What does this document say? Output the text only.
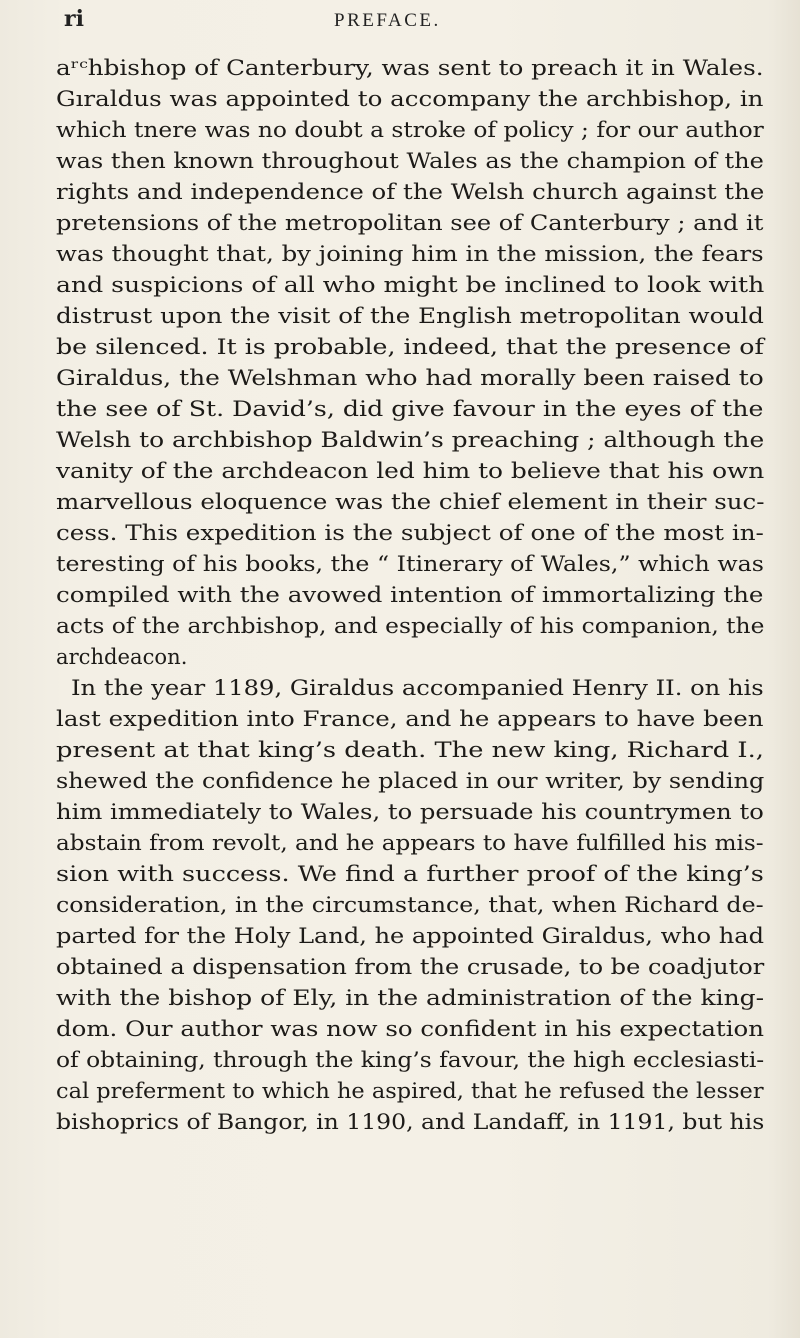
ri	PREFACE.
aʳᶜhbishop of Canterbury, was sent to preach it in Wales.
Gıraldus was appointed to accompany the archbishop, in
which tnere was no doubt a stroke of policy ; for our author
was then known throughout Wales as the champion of the
rights and independence of the Welsh church against the
pretensions of the metropolitan see of Canterbury ; and it
was thought that, by joining him in the mission, the fears
and suspicions of all who might be inclined to look with
distrust upon the visit of the English metropolitan would
be silenced. It is probable, indeed, that the presence of
Giraldus, the Welshman who had morally been raised to
the see of St. David’s, did give favour in the eyes of the
Welsh to archbishop Baldwin’s preaching ; although the
vanity of the archdeacon led him to believe that his own
marvellous eloquence was the chief element in their suc-
cess. This expedition is the subject of one of the most in-
teresting of his books, the “ Itinerary of Wales,” which was
compiled with the avowed intention of immortalizing the
acts of the archbishop, and especially of his companion, the
archdeacon.
In the year 1189, Giraldus accompanied Henry II. on his
last expedition into France, and he appears to have been
present at that king’s death. The new king, Richard I.,
shewed the confidence he placed in our writer, by sending
him immediately to Wales, to persuade his countrymen to
abstain from revolt, and he appears to have fulfilled his mis-
sion with success. We find a further proof of the king’s
consideration, in the circumstance, that, when Richard de-
parted for the Holy Land, he appointed Giraldus, who had
obtained a dispensation from the crusade, to be coadjutor
with the bishop of Ely, in the administration of the king-
dom. Our author was now so confident in his expectation
of obtaining, through the king’s favour, the high ecclesiasti-
cal preferment to which he aspired, that he refused the lesser
bishoprics of Bangor, in 1190, and Landaff, in 1191, but his
